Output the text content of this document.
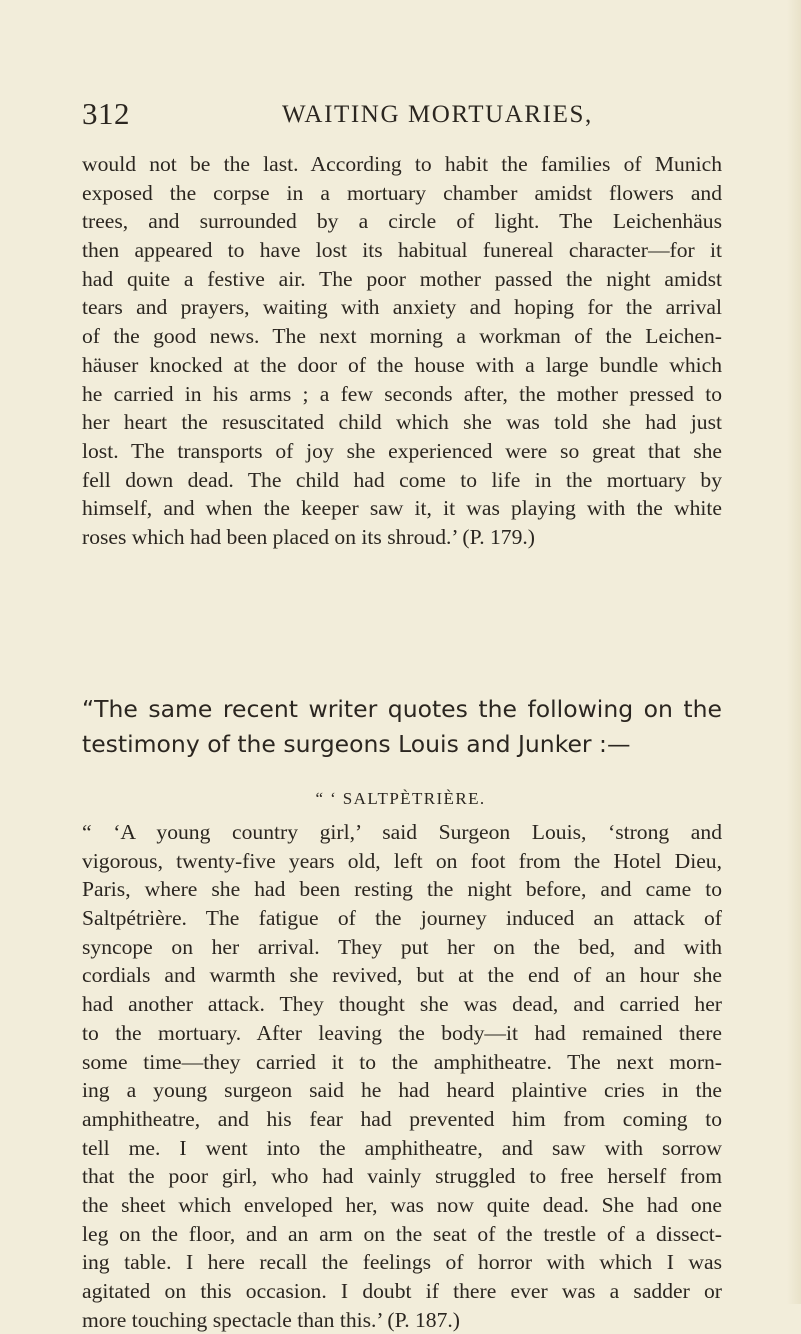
312	WAITING MORTUARIES,
would not be the last. According to habit the families of Munich
exposed the corpse in a mortuary chamber amidst flowers and
trees, and surrounded by a circle of light. The Leichenhäus
then appeared to have lost its habitual funereal character—for it
had quite a festive air. The poor mother passed the night amidst
tears and prayers, waiting with anxiety and hoping for the arrival
of the good news. The next morning a workman of the Leichen-
häuser knocked at the door of the house with a large bundle which
he carried in his arms ; a few seconds after, the mother pressed to
her heart the resuscitated child which she was told she had just
lost. The transports of joy she experienced were so great that she
fell down dead. The child had come to life in the mortuary by
himself, and when the keeper saw it, it was playing with the white
roses which had been placed on its shroud.’ (P. 179.)
“The same recent writer quotes the following on the
testimony of the surgeons Louis and Junker :—
“ ‘ SALTPÈTRIÈRE.
“ ‘A young country girl,’ said Surgeon Louis, ‘strong and
vigorous, twenty-five years old, left on foot from the Hotel Dieu,
Paris, where she had been resting the night before, and came to
Saltpétrière. The fatigue of the journey induced an attack of
syncope on her arrival. They put her on the bed, and with
cordials and warmth she revived, but at the end of an hour she
had another attack. They thought she was dead, and carried her
to the mortuary. After leaving the body—it had remained there
some time—they carried it to the amphitheatre. The next morn-
ing a young surgeon said he had heard plaintive cries in the
amphitheatre, and his fear had prevented him from coming to
tell me. I went into the amphitheatre, and saw with sorrow
that the poor girl, who had vainly struggled to free herself from
the sheet which enveloped her, was now quite dead. She had one
leg on the floor, and an arm on the seat of the trestle of a dissect-
ing table. I here recall the feelings of horror with which I was
agitated on this occasion. I doubt if there ever was a sadder or
more touching spectacle than this.’ (P. 187.)
